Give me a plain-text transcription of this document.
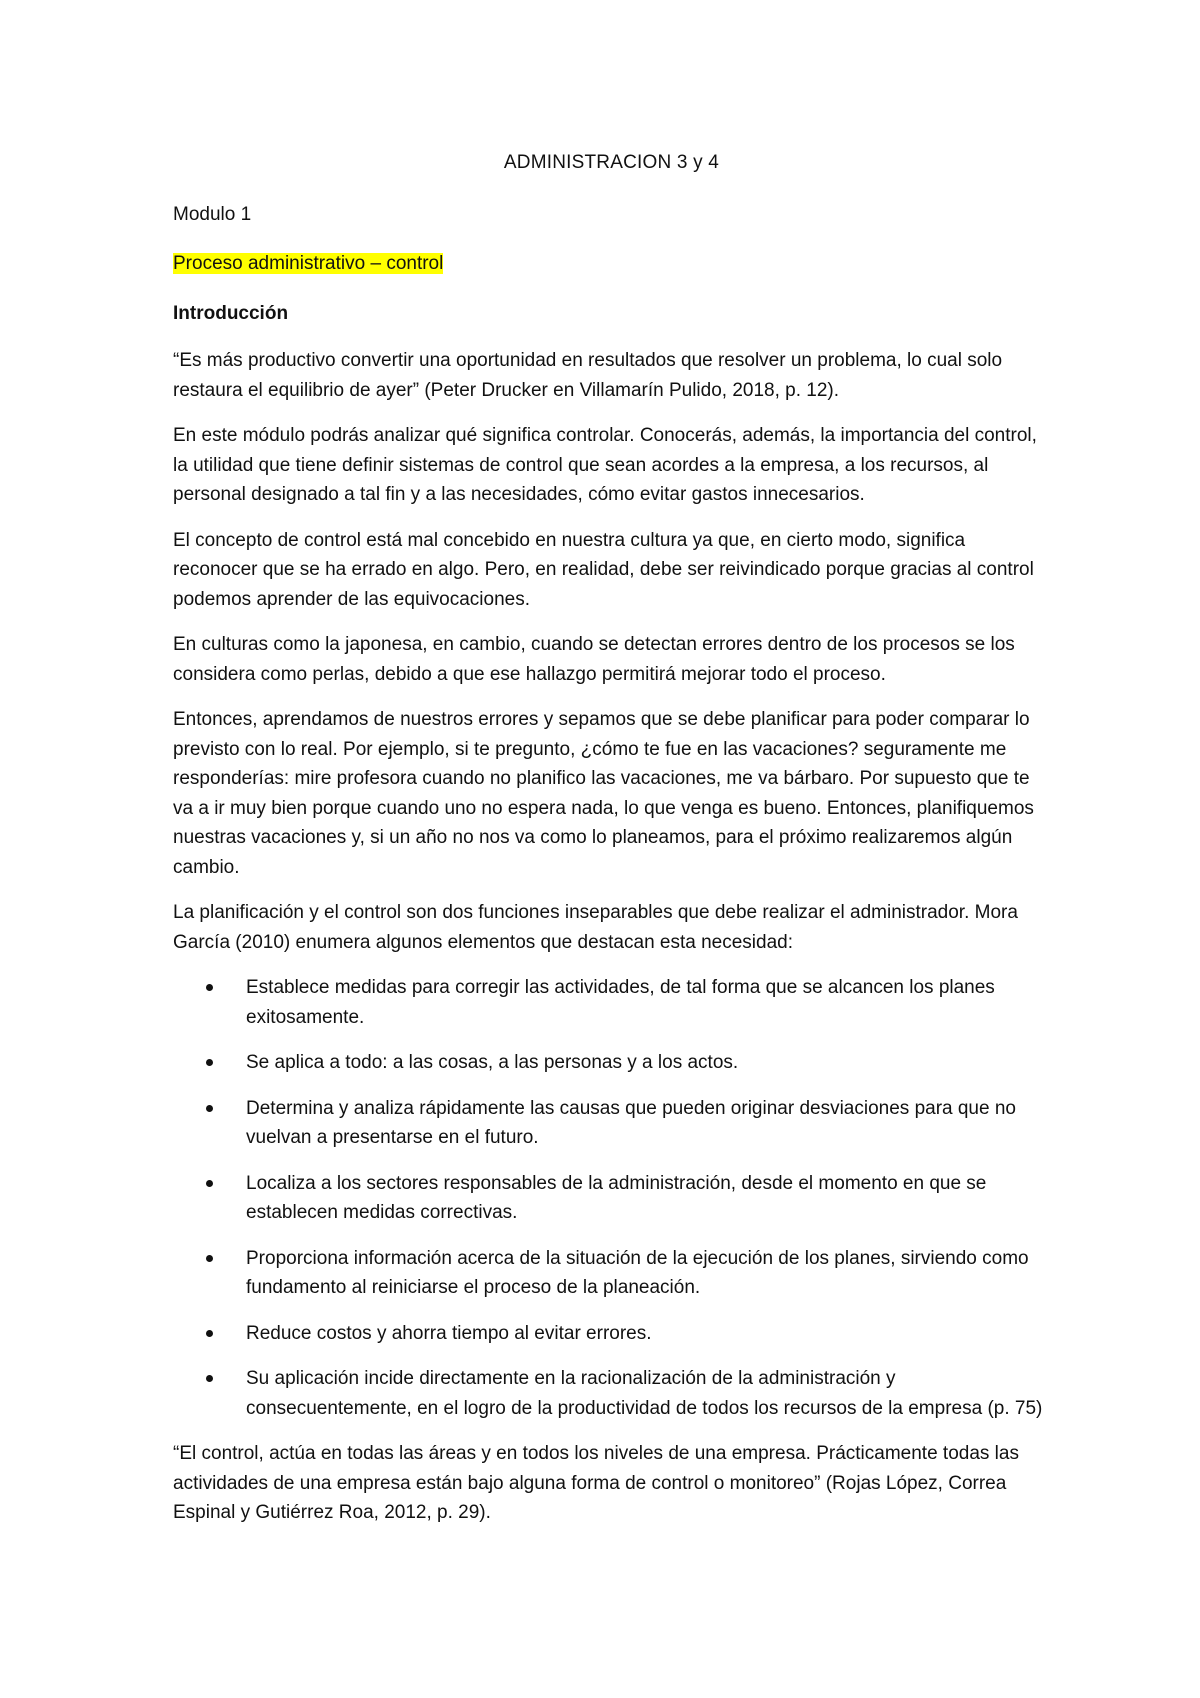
ADMINISTRACION 3 y 4

Modulo 1

Proceso administrativo – control

Introducción

“Es más productivo convertir una oportunidad en resultados que resolver un problema, lo cual solo restaura el equilibrio de ayer” (Peter Drucker en Villamarín Pulido, 2018, p. 12).

En este módulo podrás analizar qué significa controlar. Conocerás, además, la importancia del control, la utilidad que tiene definir sistemas de control que sean acordes a la empresa, a los recursos, al personal designado a tal fin y a las necesidades, cómo evitar gastos innecesarios.

El concepto de control está mal concebido en nuestra cultura ya que, en cierto modo, significa reconocer que se ha errado en algo. Pero, en realidad, debe ser reivindicado porque gracias al control podemos aprender de las equivocaciones.

En culturas como la japonesa, en cambio, cuando se detectan errores dentro de los procesos se los considera como perlas, debido a que ese hallazgo permitirá mejorar todo el proceso.

Entonces, aprendamos de nuestros errores y sepamos que se debe planificar para poder comparar lo previsto con lo real. Por ejemplo, si te pregunto, ¿cómo te fue en las vacaciones? seguramente me responderías: mire profesora cuando no planifico las vacaciones, me va bárbaro. Por supuesto que te va a ir muy bien porque cuando uno no espera nada, lo que venga es bueno. Entonces, planifiquemos nuestras vacaciones y, si un año no nos va como lo planeamos, para el próximo realizaremos algún cambio.

La planificación y el control son dos funciones inseparables que debe realizar el administrador. Mora García (2010) enumera algunos elementos que destacan esta necesidad:

Establece medidas para corregir las actividades, de tal forma que se alcancen los planes exitosamente.
Se aplica a todo: a las cosas, a las personas y a los actos.
Determina y analiza rápidamente las causas que pueden originar desviaciones para que no vuelvan a presentarse en el futuro.
Localiza a los sectores responsables de la administración, desde el momento en que se establecen medidas correctivas.
Proporciona información acerca de la situación de la ejecución de los planes, sirviendo como fundamento al reiniciarse el proceso de la planeación.
Reduce costos y ahorra tiempo al evitar errores.
Su aplicación incide directamente en la racionalización de la administración y consecuentemente, en el logro de la productividad de todos los recursos de la empresa (p. 75)

“El control, actúa en todas las áreas y en todos los niveles de una empresa. Prácticamente todas las actividades de una empresa están bajo alguna forma de control o monitoreo” (Rojas López, Correa Espinal y Gutiérrez Roa, 2012, p. 29).
